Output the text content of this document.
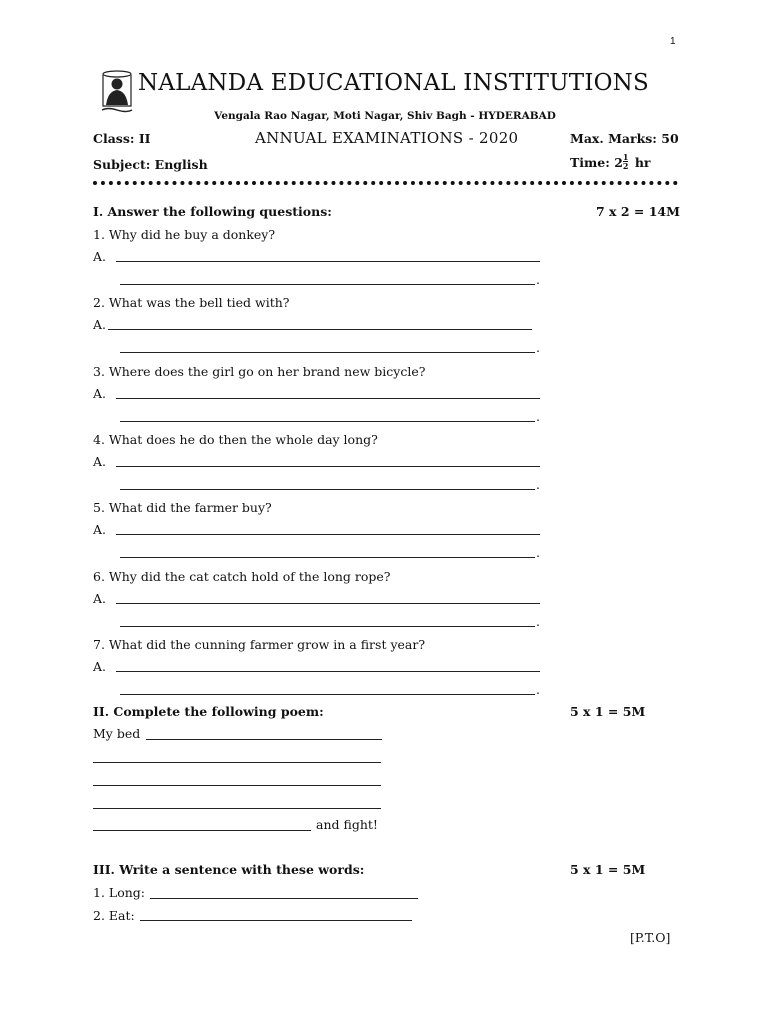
1
NALANDA EDUCATIONAL INSTITUTIONS
Vengala Rao Nagar, Moti Nagar, Shiv Bagh - HYDERABAD
Class: II	ANNUAL EXAMINATIONS - 2020	Max. Marks: 50
Subject: English	Time: $2 \frac{1}{2}$ hr
I. Answer the following questions:	7 x 2 = 14M
1. Why did he buy a donkey?
A.
.
2. What was the bell tied with?
A.
.
3. Where does the girl go on her brand new bicycle?
A.
.
4. What does he do then the whole day long?
A.
.
5. What did the farmer buy?
A.
.
6. Why did the cat catch hold of the long rope?
A.
.
7. What did the cunning farmer grow in a first year?
A.
.
II. Complete the following poem:	5 x 1 = 5M
My bed
and fight!
III. Write a sentence with these words:	5 x 1 = 5M
1. Long:
2. Eat:
[P.T.O]
